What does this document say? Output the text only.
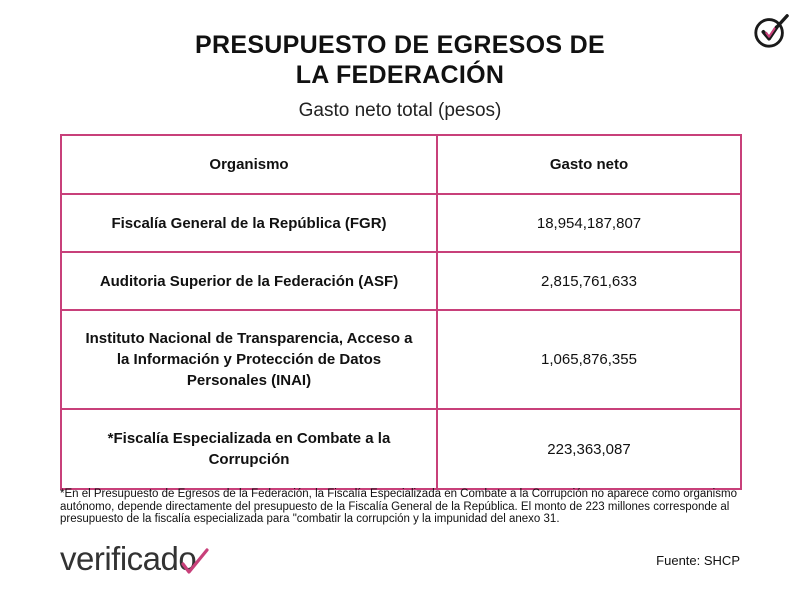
PRESUPUESTO DE EGRESOS DE
LA FEDERACIÓN
Gasto neto total (pesos)
Organismo	Gasto neto
Fiscalía General de la República (FGR)	18,954,187,807
Auditoria Superior de la Federación (ASF)	2,815,761,633
Instituto Nacional de Transparencia, Acceso a la Información y Protección de Datos Personales (INAI)	1,065,876,355
*Fiscalía Especializada en Combate a la Corrupción	223,363,087
*En el Presupuesto de Egresos de la Federación, la Fiscalía Especializada en Combate a la Corrupción no aparece como organismo autónomo, depende directamente del presupuesto de la Fiscalía General de la República. El monto de 223 millones corresponde al presupuesto de la fiscalía especializada para "combatir la corrupción y la impunidad del anexo 31.
verificado	Fuente: SHCP
